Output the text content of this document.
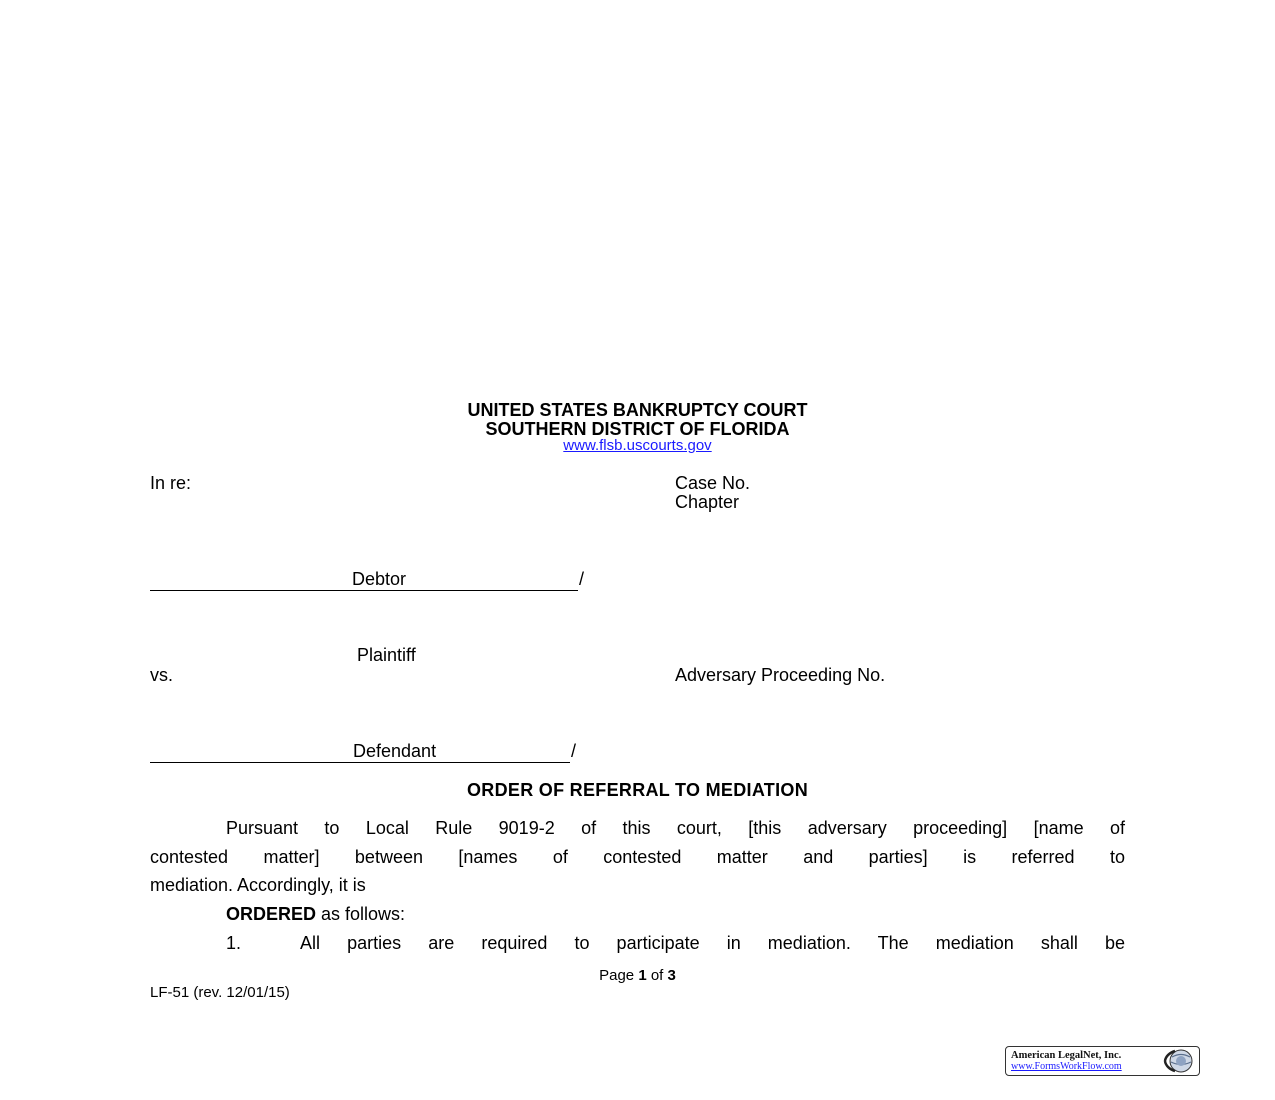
UNITED STATES BANKRUPTCY COURT
SOUTHERN DISTRICT OF FLORIDA
www.flsb.uscourts.gov
In re:	Case No.
Chapter
Debtor	/
Plaintiff
vs.	Adversary Proceeding No.
Defendant	/
ORDER OF REFERRAL TO MEDIATION
Pursuant to Local Rule 9019-2 of this court, [this adversary proceeding] [name of
contested matter] between [names of contested matter and parties] is referred to
mediation. Accordingly, it is
ORDERED as follows:
1.	All parties are required to participate in mediation. The mediation shall be
Page 1 of 3
LF-51 (rev. 12/01/15)
American LegalNet, Inc.
www.FormsWorkFlow.com
